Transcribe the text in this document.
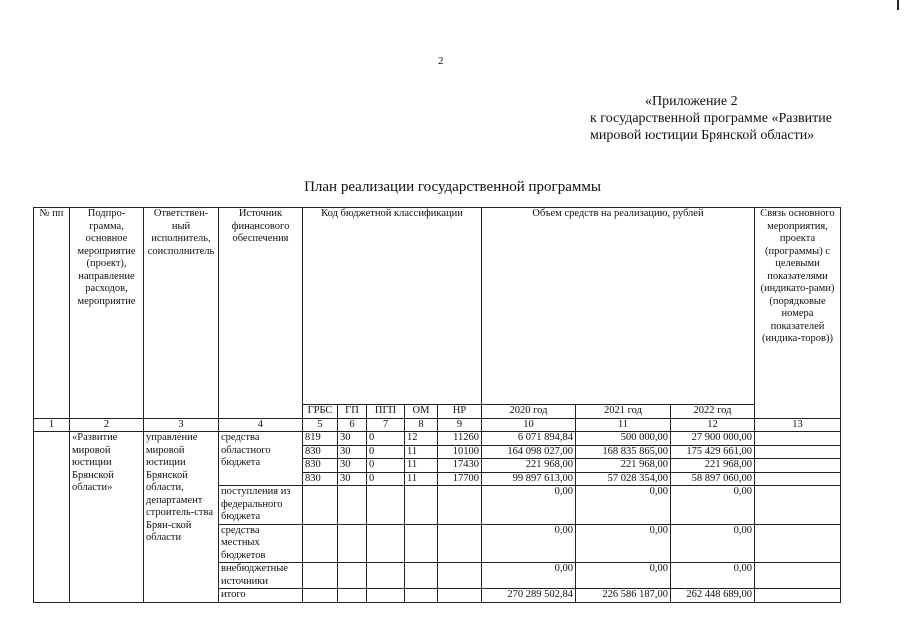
2
«Приложение 2
к государственной программе «Развитие
мировой юстиции Брянской области»
План реализации государственной программы
№ пп	Подпро-грамма, основное мероприятие (проект), направление расходов, мероприятие	Ответствен-ный исполнитель, соисполнитель	Источник финансового обеспечения	Код бюджетной классификации					Объем средств на реализацию, рублей			Связь основного мероприятия, проекта (программы) с целевыми показателями (индикато-рами) (порядковые номера показателей (индика-торов))
				ГРБС	ГП	ПГП	ОМ	НР	2020 год	2021 год	2022 год	
1	2	3	4	5	6	7	8	9	10	11	12	13
	«Развитие мировой юстиции Брянской области»	управление мировой юстиции Брянской области, департамент строитель-ства Брян-ской области	средства областного бюджета	819	30	0	12	11260	6 071 894,84	500 000,00	27 900 000,00	
				830	30	0	11	10100	164 098 027,00	168 835 865,00	175 429 661,00	
				830	30	0	11	17430	221 968,00	221 968,00	221 968,00	
				830	30	0	11	17700	99 897 613,00	57 028 354,00	58 897 060,00	
			поступления из федерального бюджета						0,00	0,00	0,00	
			средства местных бюджетов						0,00	0,00	0,00	
			внебюджетные источники						0,00	0,00	0,00	
			итого						270 289 502,84	226 586 187,00	262 448 689,00	
